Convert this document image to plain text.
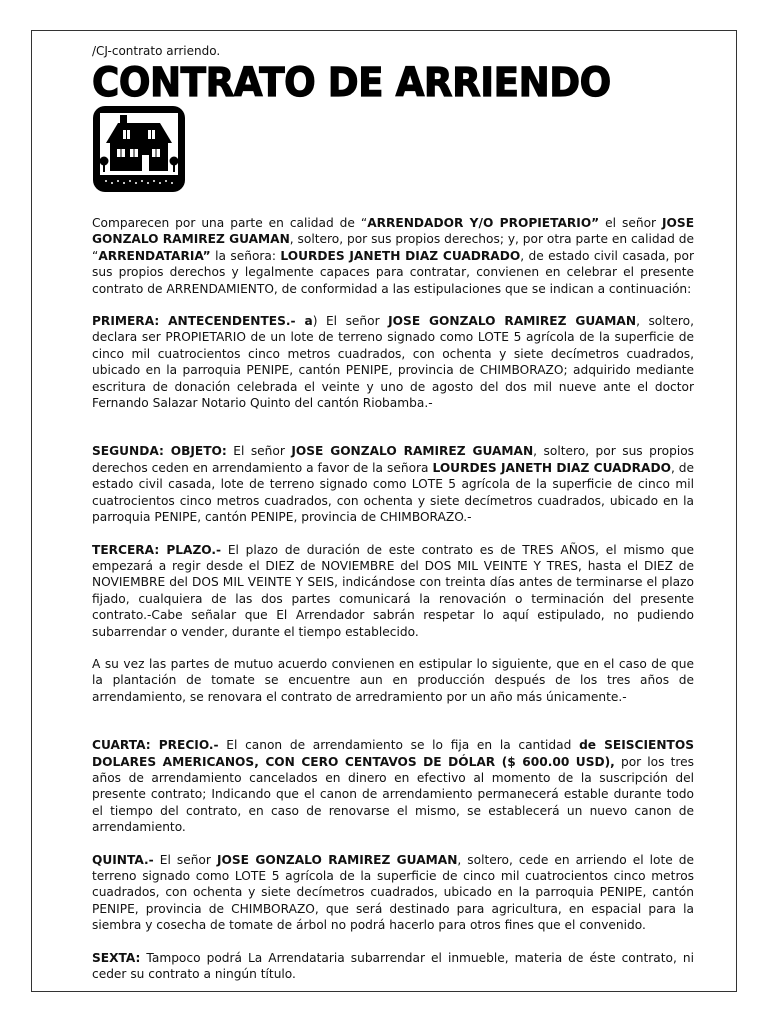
/CJ-contrato arriendo.
CONTRATO DE ARRIENDO

Comparecen por una parte en calidad de “ARRENDADOR Y/O PROPIETARIO” el señor JOSE GONZALO RAMIREZ GUAMAN, soltero, por sus propios derechos; y, por otra parte en calidad de “ARRENDATARIA” la señora: LOURDES JANETH DIAZ CUADRADO, de estado civil casada, por sus propios derechos y legalmente capaces para contratar, convienen en celebrar el presente contrato de ARRENDAMIENTO, de conformidad a las estipulaciones que se indican a continuación:

PRIMERA: ANTECENDENTES.- a) El señor JOSE GONZALO RAMIREZ GUAMAN, soltero, declara ser PROPIETARIO de un lote de terreno signado como LOTE 5 agrícola de la superficie de cinco mil cuatrocientos cinco metros cuadrados, con ochenta y siete decímetros cuadrados, ubicado en la parroquia PENIPE, cantón PENIPE, provincia de CHIMBORAZO; adquirido mediante escritura de donación celebrada el veinte y uno de agosto del dos mil nueve ante el doctor Fernando Salazar Notario Quinto del cantón Riobamba.-

SEGUNDA: OBJETO: El señor JOSE GONZALO RAMIREZ GUAMAN, soltero, por sus propios derechos ceden en arrendamiento a favor de la señora LOURDES JANETH DIAZ CUADRADO, de estado civil casada, lote de terreno signado como LOTE 5 agrícola de la superficie de cinco mil cuatrocientos cinco metros cuadrados, con ochenta y siete decímetros cuadrados, ubicado en la parroquia PENIPE, cantón PENIPE, provincia de CHIMBORAZO.-

TERCERA: PLAZO.- El plazo de duración de este contrato es de TRES AÑOS, el mismo que empezará a regir desde el DIEZ de NOVIEMBRE del DOS MIL VEINTE Y TRES, hasta el DIEZ de NOVIEMBRE del DOS MIL VEINTE Y SEIS, indicándose con treinta días antes de terminarse el plazo fijado, cualquiera de las dos partes comunicará la renovación o terminación del presente contrato.-Cabe señalar que El Arrendador sabrán respetar lo aquí estipulado, no pudiendo subarrendar o vender, durante el tiempo establecido.

A su vez las partes de mutuo acuerdo convienen en estipular lo siguiente, que en el caso de que la plantación de tomate se encuentre aun en producción después de los tres años de arrendamiento, se renovara el contrato de arredramiento por un año más únicamente.-

CUARTA: PRECIO.- El canon de arrendamiento se lo fija en la cantidad de SEISCIENTOS DOLARES AMERICANOS, CON CERO CENTAVOS DE DÓLAR ($ 600.00 USD), por los tres años de arrendamiento cancelados en dinero en efectivo al momento de la suscripción del presente contrato; Indicando que el canon de arrendamiento permanecerá estable durante todo el tiempo del contrato, en caso de renovarse el mismo, se establecerá un nuevo canon de arrendamiento.

QUINTA.- El señor JOSE GONZALO RAMIREZ GUAMAN, soltero, cede en arriendo el lote de terreno signado como LOTE 5 agrícola de la superficie de cinco mil cuatrocientos cinco metros cuadrados, con ochenta y siete decímetros cuadrados, ubicado en la parroquia PENIPE, cantón PENIPE, provincia de CHIMBORAZO, que será destinado para agricultura, en espacial para la siembra y cosecha de tomate de árbol no podrá hacerlo para otros fines que el convenido.

SEXTA: Tampoco podrá La Arrendataria subarrendar el inmueble, materia de éste contrato, ni ceder su contrato a ningún título.
